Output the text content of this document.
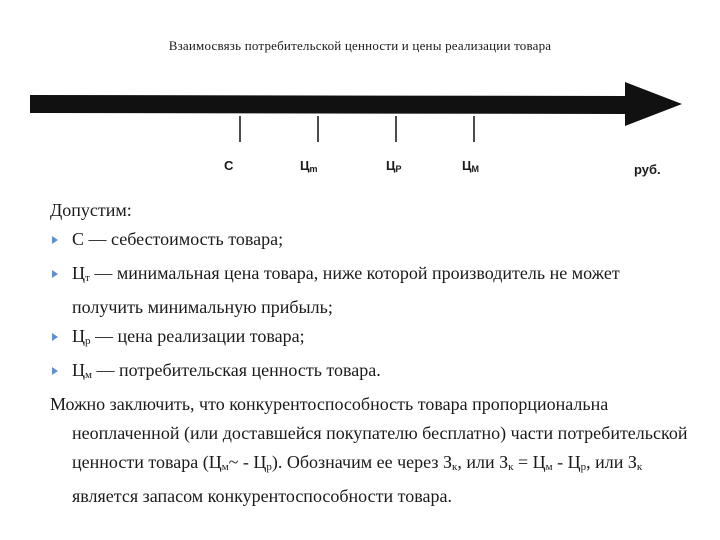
Взаимосвязь потребительской ценности и цены реализации товара
C	Цm	ЦP	ЦM	руб.

Допустим:

С — себестоимость товара;
Цт — минимальная цена товара, ниже которой производитель не может получить минимальную прибыль;
Цр — цена реализации товара;
Цм — потребительская ценность товара.

Можно заключить, что конкурентоспособность товара пропорциональна неоплаченной (или доставшейся покупателю бесплатно) части потребительской ценности товара (Цм~ - Цр). Обозначим ее через Зк, или Зк = Цм - Цр, или Зк является запасом конкурентоспособности товара.
